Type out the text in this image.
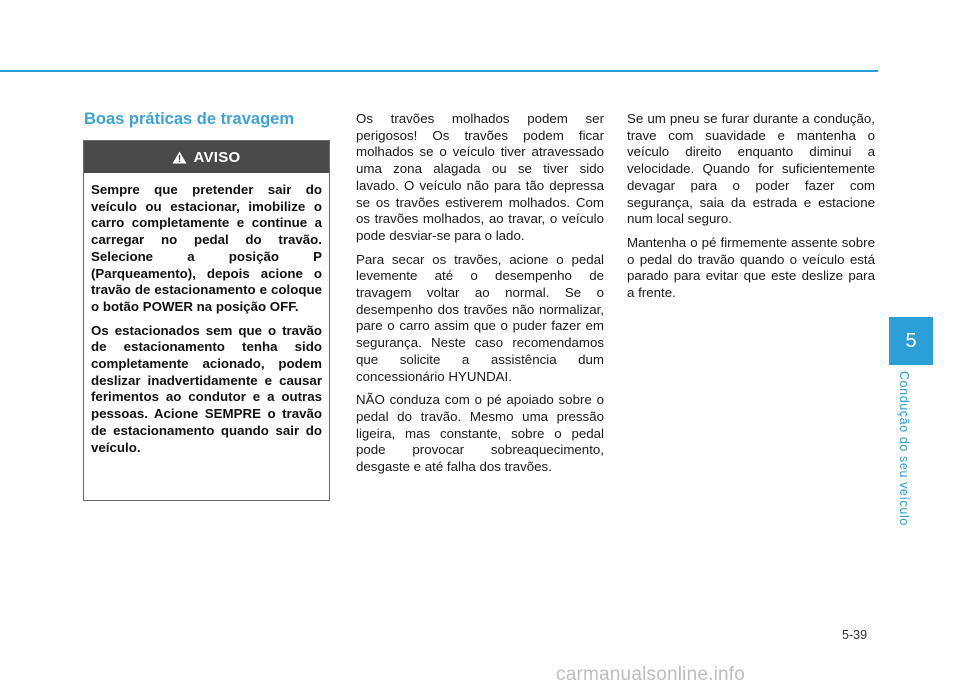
Boas práticas de travagem
AVISO

Sempre que pretender sair do veículo ou estacionar, imobilize o carro completamente e continue a carregar no pedal do travão. Selecione a posição P (Parqueamento), depois acione o travão de estacionamento e coloque o botão POWER na posição OFF.

Os estacionados sem que o travão de estacionamento tenha sido completamente acionado, podem deslizar inadvertidamente e causar ferimentos ao condutor e a outras pessoas. Acione SEMPRE o travão de estacionamento quando sair do veículo.

Os travões molhados podem ser perigosos! Os travões podem ficar molhados se o veículo tiver atravessado uma zona alagada ou se tiver sido lavado. O veículo não para tão depressa se os travões estiverem molhados. Com os travões molhados, ao travar, o veículo pode desviar-se para o lado.

Para secar os travões, acione o pedal levemente até o desempenho de travagem voltar ao normal. Se o desempenho dos travões não normalizar, pare o carro assim que o puder fazer em segurança. Neste caso recomendamos que solicite a assistência dum concessionário HYUNDAI.

NÃO conduza com o pé apoiado sobre o pedal do travão. Mesmo uma pressão ligeira, mas constante, sobre o pedal pode provocar sobreaquecimento, desgaste e até falha dos travões.

Se um pneu se furar durante a condução, trave com suavidade e mantenha o veículo direito enquanto diminui a velocidade. Quando for suficientemente devagar para o poder fazer com segurança, saia da estrada e estacione num local seguro.

Mantenha o pé firmemente assente sobre o pedal do travão quando o veículo está parado para evitar que este deslize para a frente.

5
Condução do seu veículo
5-39
carmanualsonline.info
